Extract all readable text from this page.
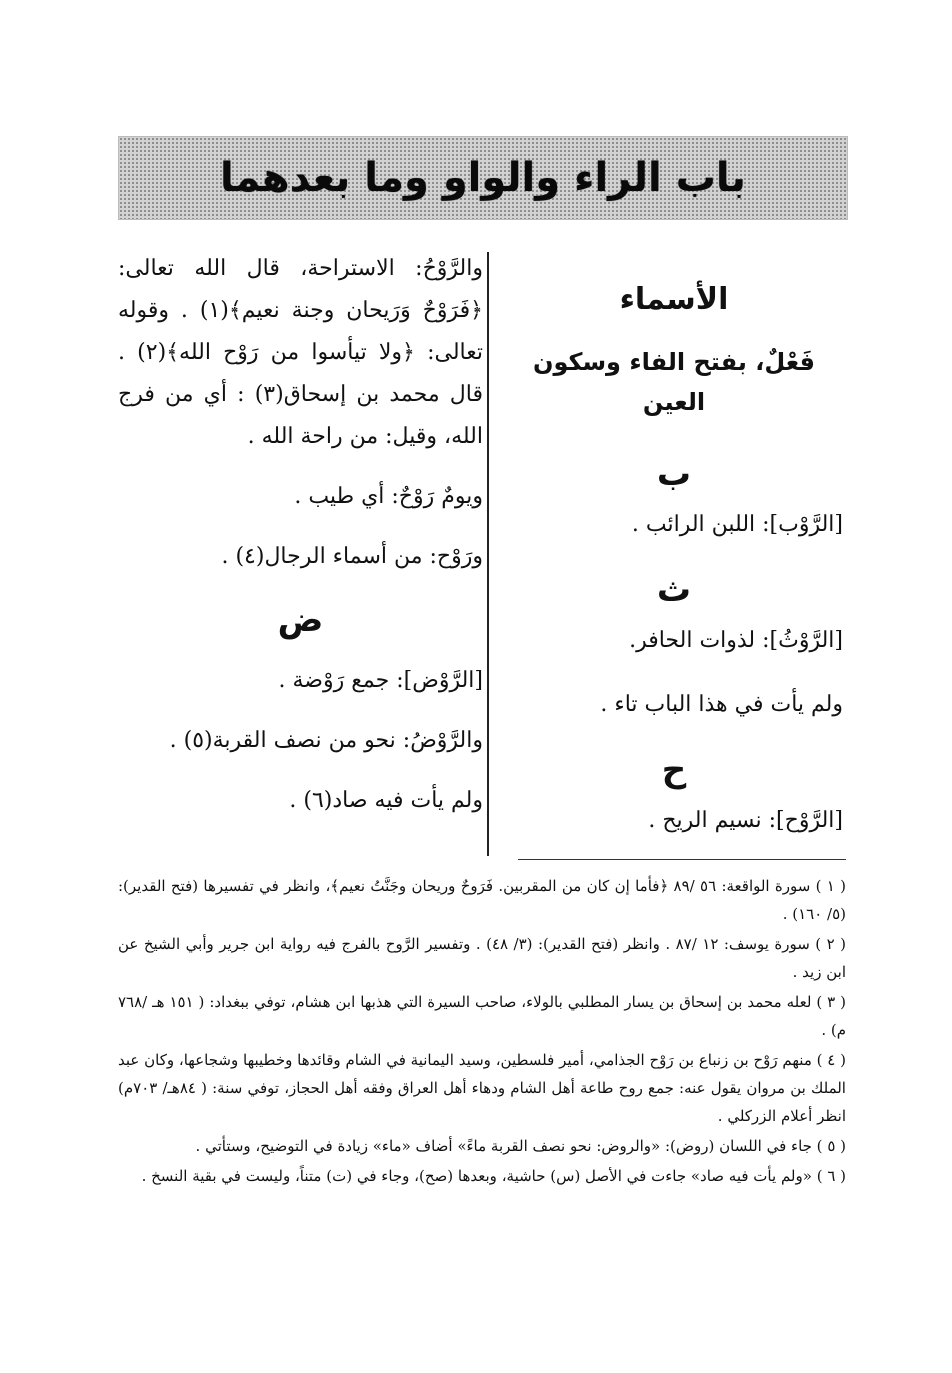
باب الراء والواو وما بعدهما
الأسماء
فَعْلٌ، بفتح الفاء وسكون العين
ب

[الرَّوْب]: اللبن الرائب .

ث

[الرَّوْثُ]: لذوات الحافر.

ولم يأت في هذا الباب تاء .

ح

[الرَّوْح]: نسيم الريح .

والرَّوْحُ: الاستراحة، قال الله تعالى: ﴿فَرَوْحٌ وَرَيحان وجنة نعيم﴾(١) . وقوله تعالى: ﴿ولا تيأسوا من رَوْح الله﴾(٢) . قال محمد بن إسحاق(٣) : أي من فرج الله، وقيل: من راحة الله .

ويومٌ رَوْحٌ: أي طيب .

ورَوْح: من أسماء الرجال(٤) .

ض

[الرَّوْض]: جمع رَوْضة .

والرَّوْضُ: نحو من نصف القربة(٥) .

ولم يأت فيه صاد(٦) .

( ١ ) سورة الواقعة: ٥٦ /٨٩ ﴿فأما إن كان من المقربين. فَرَوحٌ وريحان وجَنَّتُ نعيم﴾، وانظر في تفسيرها (فتح القدير): (٥/ ١٦٠) .

( ٢ ) سورة يوسف: ١٢ /٨٧ . وانظر (فتح القدير): (٣/ ٤٨) . وتفسير الرَّوح بالفرج فيه رواية ابن جرير وأبي الشيخ عن ابن زيد .

( ٣ ) لعله محمد بن إسحاق بن يسار المطلبي بالولاء، صاحب السيرة التي هذبها ابن هشام، توفي ببغداد: ( ١٥١ هـ /٧٦٨ م) .

( ٤ ) منهم رَوْح بن زنباع بن رَوْح الجذامي، أمير فلسطين، وسيد اليمانية في الشام وقائدها وخطيبها وشجاعها، وكان عبد الملك بن مروان يقول عنه: جمع روح طاعة أهل الشام ودهاء أهل العراق وفقه أهل الحجاز، توفي سنة: ( ٨٤هـ/ ٧٠٣م) انظر أعلام الزركلي .

( ٥ ) جاء في اللسان (روض): «والروض: نحو نصف القربة ماءً» أضاف «ماء» زيادة في التوضيح، وستأتي .

( ٦ ) «ولم يأت فيه صاد» جاءت في الأصل (س) حاشية، وبعدها (صح)، وجاء في (ت) متناً، وليست في بقية النسخ .
